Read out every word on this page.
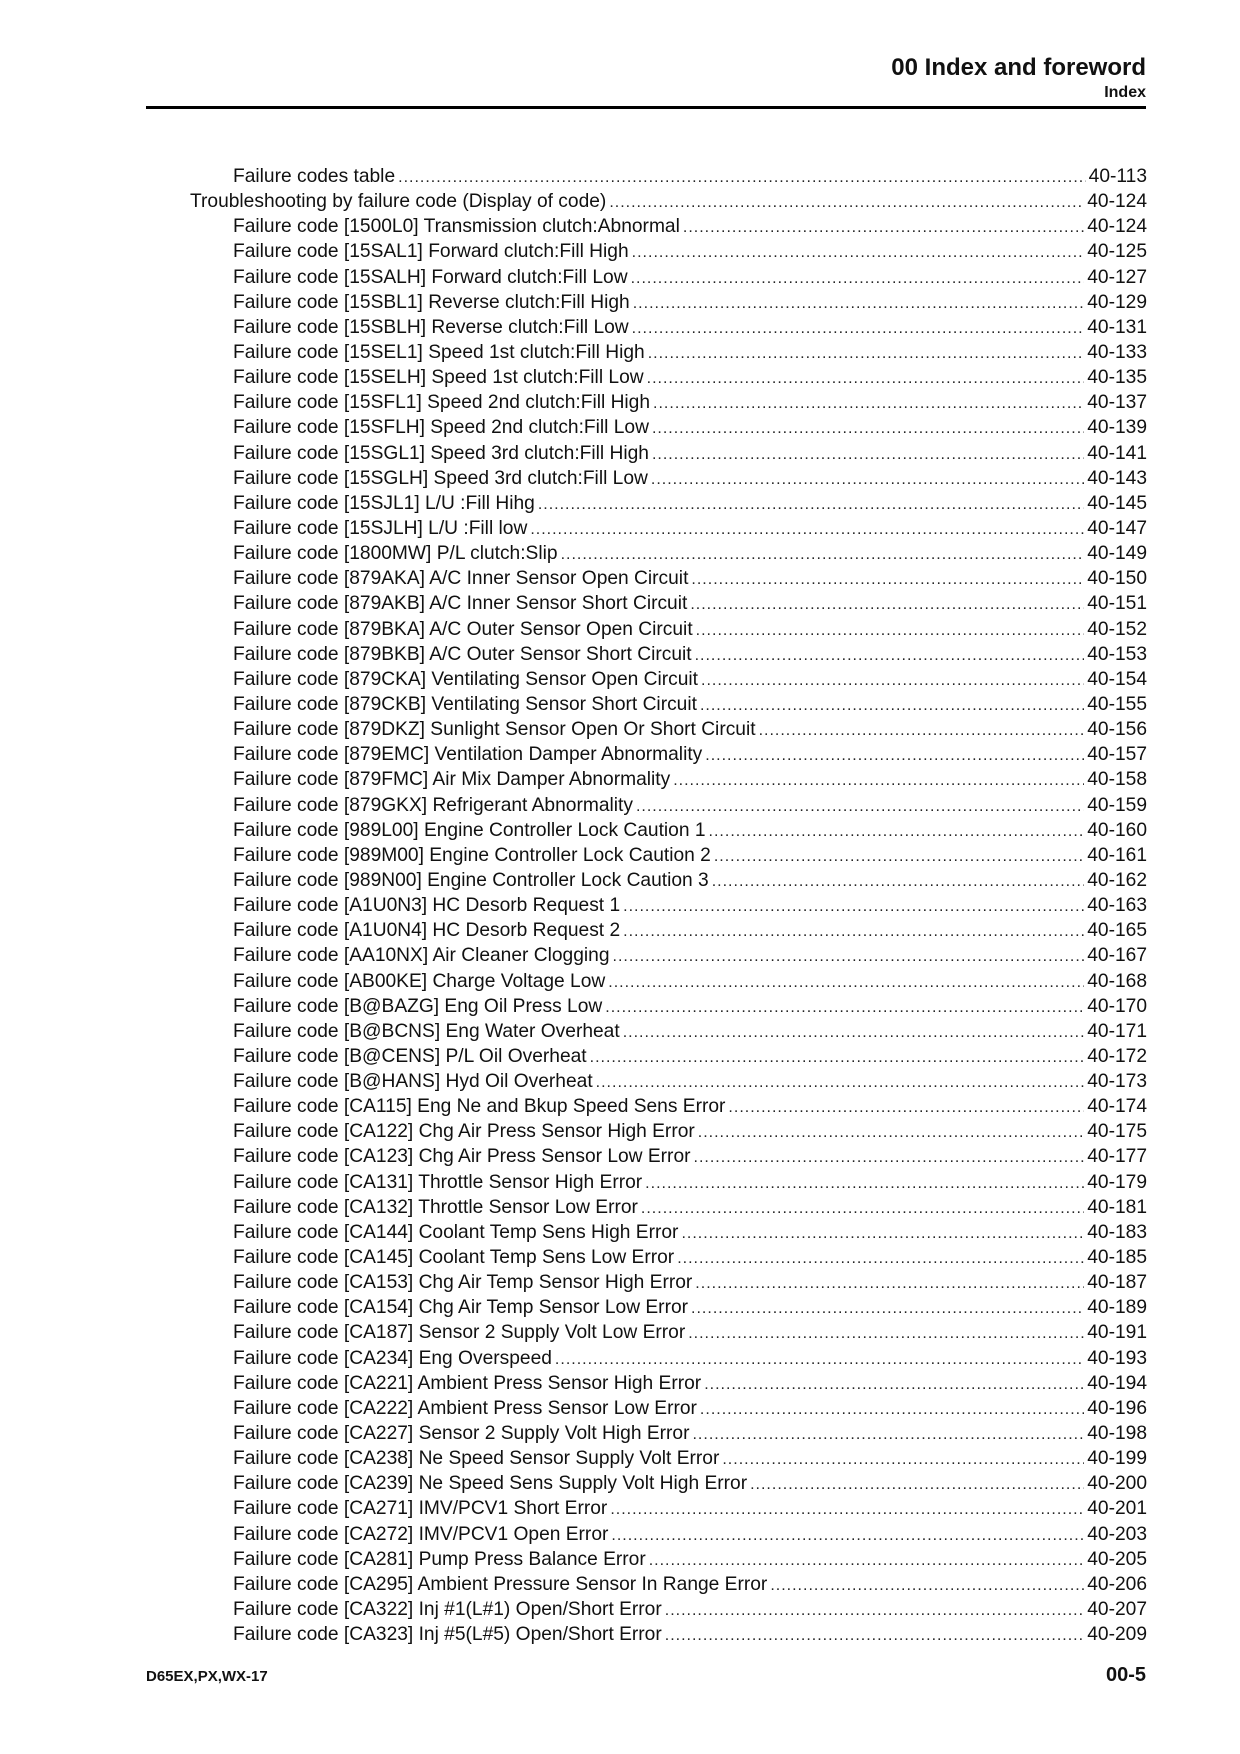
00 Index and foreword
Index
Failure codes table .....	40-113
Troubleshooting by failure code (Display of code) .....	40-124
Failure code [1500L0] Transmission clutch:Abnormal .....	40-124
Failure code [15SAL1] Forward clutch:Fill High .....	40-125
Failure code [15SALH] Forward clutch:Fill Low .....	40-127
Failure code [15SBL1] Reverse clutch:Fill High .....	40-129
Failure code [15SBLH] Reverse clutch:Fill Low .....	40-131
Failure code [15SEL1] Speed 1st clutch:Fill High .....	40-133
Failure code [15SELH] Speed 1st clutch:Fill Low .....	40-135
Failure code [15SFL1] Speed 2nd clutch:Fill High .....	40-137
Failure code [15SFLH] Speed 2nd clutch:Fill Low .....	40-139
Failure code [15SGL1] Speed 3rd clutch:Fill High .....	40-141
Failure code [15SGLH] Speed 3rd clutch:Fill Low .....	40-143
Failure code [15SJL1] L/U :Fill Hihg .....	40-145
Failure code [15SJLH] L/U :Fill low .....	40-147
Failure code [1800MW] P/L clutch:Slip .....	40-149
Failure code [879AKA] A/C Inner Sensor Open Circuit .....	40-150
Failure code [879AKB] A/C Inner Sensor Short Circuit .....	40-151
Failure code [879BKA] A/C Outer Sensor Open Circuit .....	40-152
Failure code [879BKB] A/C Outer Sensor Short Circuit .....	40-153
Failure code [879CKA] Ventilating Sensor Open Circuit .....	40-154
Failure code [879CKB] Ventilating Sensor Short Circuit .....	40-155
Failure code [879DKZ] Sunlight Sensor Open Or Short Circuit .....	40-156
Failure code [879EMC] Ventilation Damper Abnormality .....	40-157
Failure code [879FMC] Air Mix Damper Abnormality .....	40-158
Failure code [879GKX] Refrigerant Abnormality .....	40-159
Failure code [989L00] Engine Controller Lock Caution 1 .....	40-160
Failure code [989M00] Engine Controller Lock Caution 2 .....	40-161
Failure code [989N00] Engine Controller Lock Caution 3 .....	40-162
Failure code [A1U0N3] HC Desorb Request 1 .....	40-163
Failure code [A1U0N4] HC Desorb Request 2 .....	40-165
Failure code [AA10NX] Air Cleaner Clogging .....	40-167
Failure code [AB00KE] Charge Voltage Low .....	40-168
Failure code [B@BAZG] Eng Oil Press Low .....	40-170
Failure code [B@BCNS] Eng Water Overheat .....	40-171
Failure code [B@CENS] P/L Oil Overheat .....	40-172
Failure code [B@HANS] Hyd Oil Overheat .....	40-173
Failure code [CA115] Eng Ne and Bkup Speed Sens Error .....	40-174
Failure code [CA122] Chg Air Press Sensor High Error .....	40-175
Failure code [CA123] Chg Air Press Sensor Low Error .....	40-177
Failure code [CA131] Throttle Sensor High Error .....	40-179
Failure code [CA132] Throttle Sensor Low Error .....	40-181
Failure code [CA144] Coolant Temp Sens High Error .....	40-183
Failure code [CA145] Coolant Temp Sens Low Error .....	40-185
Failure code [CA153] Chg Air Temp Sensor High Error .....	40-187
Failure code [CA154] Chg Air Temp Sensor Low Error .....	40-189
Failure code [CA187] Sensor 2 Supply Volt Low Error .....	40-191
Failure code [CA234] Eng Overspeed .....	40-193
Failure code [CA221] Ambient Press Sensor High Error .....	40-194
Failure code [CA222] Ambient Press Sensor Low Error .....	40-196
Failure code [CA227] Sensor 2 Supply Volt High Error .....	40-198
Failure code [CA238] Ne Speed Sensor Supply Volt Error .....	40-199
Failure code [CA239] Ne Speed Sens Supply Volt High Error .....	40-200
Failure code [CA271] IMV/PCV1 Short Error .....	40-201
Failure code [CA272] IMV/PCV1 Open Error .....	40-203
Failure code [CA281] Pump Press Balance Error .....	40-205
Failure code [CA295] Ambient Pressure Sensor In Range Error .....	40-206
Failure code [CA322] Inj #1(L#1) Open/Short Error .....	40-207
Failure code [CA323] Inj #5(L#5) Open/Short Error .....	40-209
D65EX,PX,WX-17	00-5
